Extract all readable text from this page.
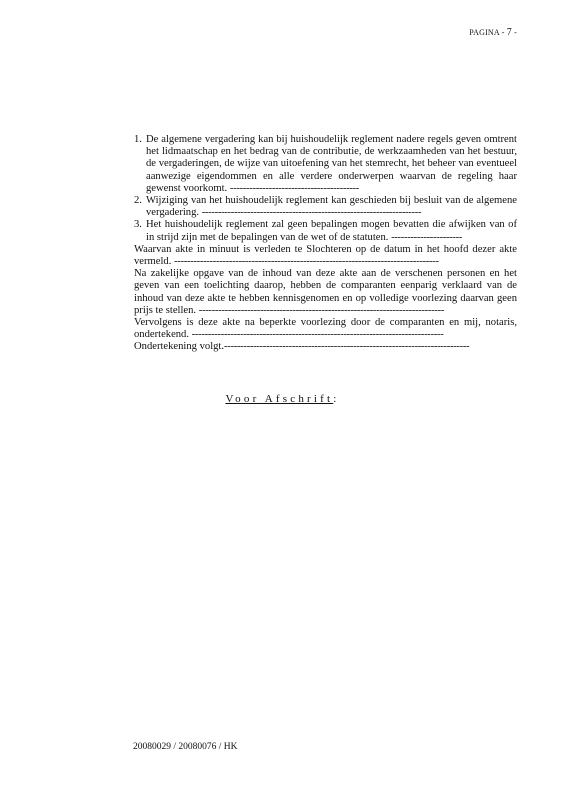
PAGINA - 7 -
1. De algemene vergadering kan bij huishoudelijk reglement nadere regels geven omtrent het lidmaatschap en het bedrag van de contributie, de werkzaamheden van het bestuur, de vergaderingen, de wijze van uitoefening van het stemrecht, het beheer van eventueel aanwezige eigendommen en alle verdere onderwerpen waarvan de regeling haar gewenst voorkomt. ----------------------------------------
2. Wijziging van het huishoudelijk reglement kan geschieden bij besluit van de algemene vergadering. --------------------------------------------------------------------
3. Het huishoudelijk reglement zal geen bepalingen mogen bevatten die afwijken van of in strijd zijn met de bepalingen van de wet of de statuten. ----------------------

Waarvan akte in minuut is verleden te Slochteren op de datum in het hoofd dezer akte vermeld. ----------------------------------------------------------------------------------

Na zakelijke opgave van de inhoud van deze akte aan de verschenen personen en het geven van een toelichting daarop, hebben de comparanten eenparig verklaard van de inhoud van deze akte te hebben kennisgenomen en op volledige voorlezing daarvan geen prijs te stellen. ----------------------------------------------------------------------------

Vervolgens is deze akte na beperkte voorlezing door de comparanten en mij, notaris, ondertekend. ------------------------------------------------------------------------------

Ondertekening volgt.----------------------------------------------------------------------------

Voor Afschrift:
20080029 / 20080076 / HK
